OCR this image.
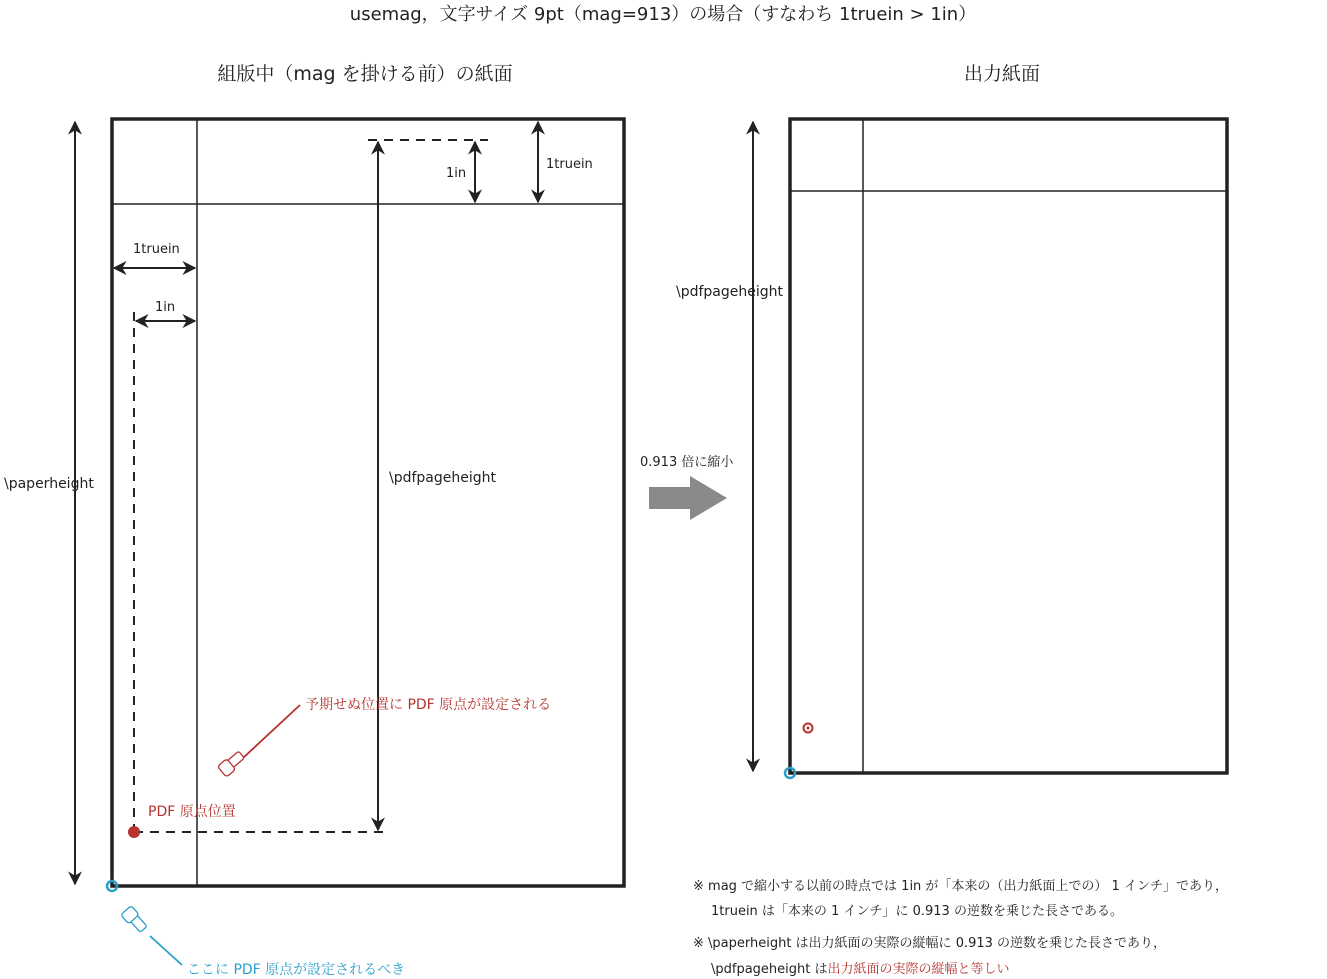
usemag，文字サイズ 9pt（mag=913）の場合（すなわち 1truein > 1in）
組版中（mag を掛ける前）の紙面
\paperheight
1truein
1in
\pdfpageheight
1truein
1in
PDF 原点位置
予期せぬ位置に PDF 原点が設定される
ここに PDF 原点が設定されるべき
0.913 倍に縮小
出力紙面
\pdfpageheight
※ mag で縮小する以前の時点では 1in が「本来の（出力紙面上での） 1 インチ」であり，
1truein は「本来の 1 インチ」に 0.913 の逆数を乗じた長さである。
※ \paperheight は出力紙面の実際の縦幅に 0.913 の逆数を乗じた長さであり，
\pdfpageheight は出力紙面の実際の縦幅と等しい
